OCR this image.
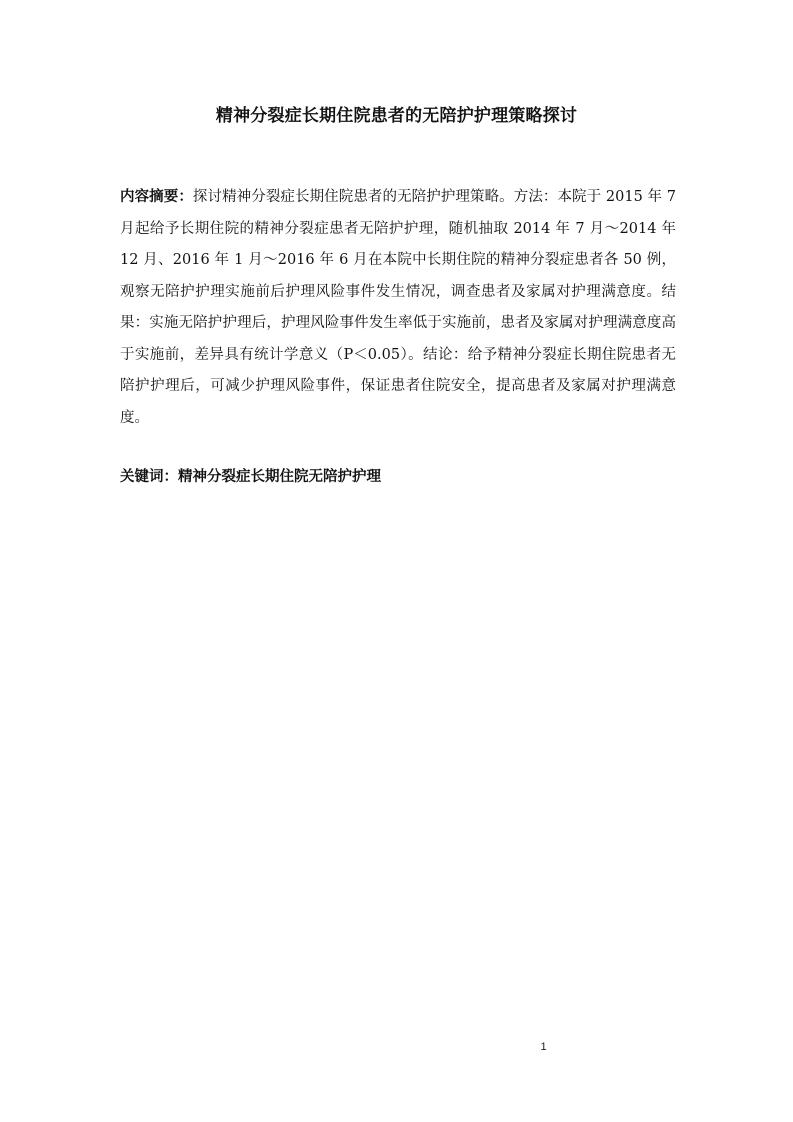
精神分裂症长期住院患者的无陪护护理策略探讨

内容摘要：探讨精神分裂症长期住院患者的无陪护护理策略。方法：本院于 2015 年 7 月起给予长期住院的精神分裂症患者无陪护护理，随机抽取 2014 年 7 月～2014 年 12 月、2016 年 1 月～2016 年 6 月在本院中长期住院的精神分裂症患者各 50 例，观察无陪护护理实施前后护理风险事件发生情况，调查患者及家属对护理满意度。结果：实施无陪护护理后，护理风险事件发生率低于实施前，患者及家属对护理满意度高于实施前，差异具有统计学意义（P＜0.05）。结论：给予精神分裂症长期住院患者无陪护护理后，可减少护理风险事件，保证患者住院安全，提高患者及家属对护理满意度。

关键词：精神分裂症长期住院无陪护护理

1
